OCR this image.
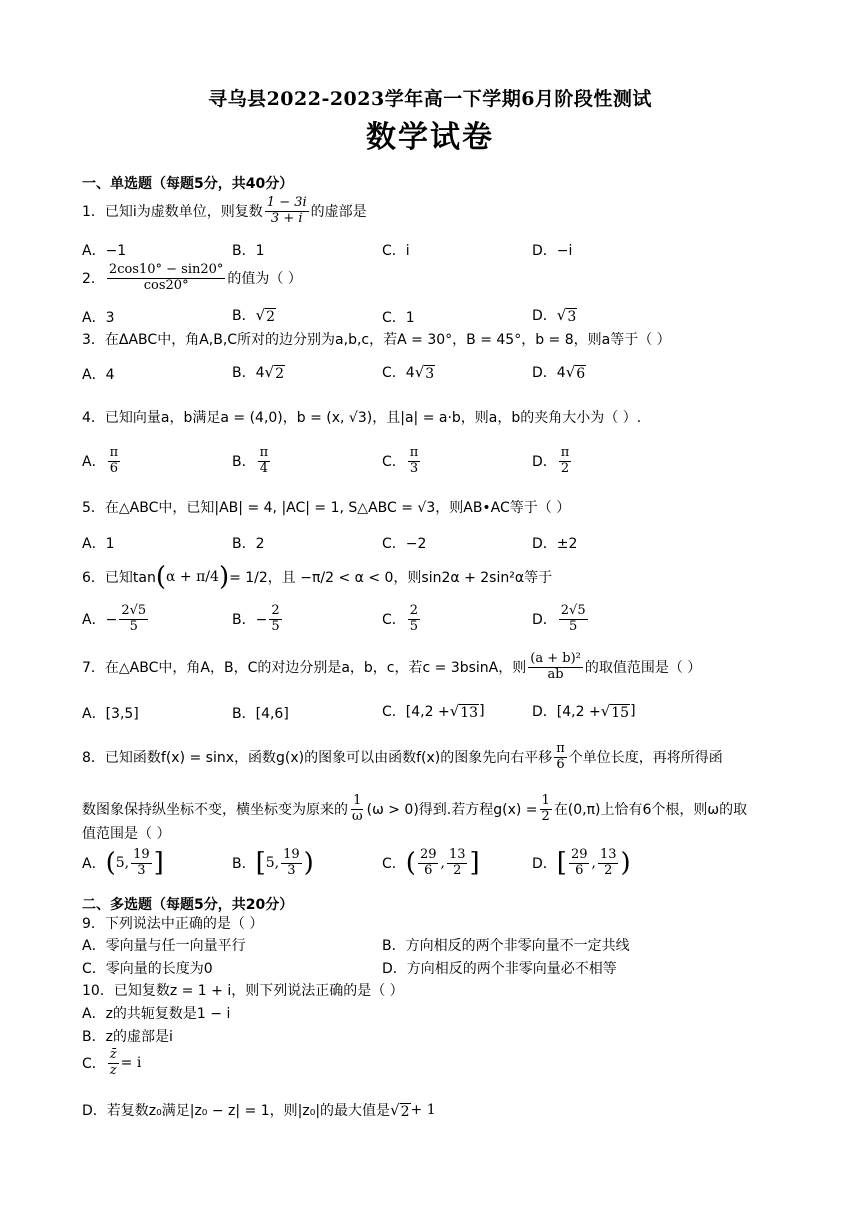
寻乌县2022-2023学年高一下学期6月阶段性测试
数学试卷
一、单选题（每题5分，共40分）
1．已知i为虚数单位，则复数 $\frac{1 - 3i}{3 + i}$ 的虚部是
A．−1	B．1	C．i	D．−i
2． $\frac{2\cos 10^\circ - \sin 20^\circ}{\cos 20^\circ}$ 的值为（ ）
A．3	B． √ 2	C．1	D． √ 3
3．在ΔABC中，角A,B,C所对的边分别为a,b,c，若A = 30°，B = 45°，b = 8，则a等于（ ）
A．4	B．4 √ 2	C．4 √ 3	D．4 √ 6
4．已知向量a，b满足a = (4,0)，b = (x, √3)，且|a| = a·b，则a，b的夹角大小为（ ）.
A． $\frac{\pi}{6}$	B． $\frac{\pi}{4}$	C． $\frac{\pi}{3}$	D． $\frac{\pi}{2}$
5．在△ABC中，已知|AB| = 4, |AC| = 1, S△ABC = √3，则AB•AC等于（ ）
A．1	B．2	C．−2	D．±2
6．已知tan ( α + π/4 ) = 1/2，且 −π/2 < α < 0，则sin2α + 2sin²α等于
A．− $\frac{2√5}{5}$	B．− $\frac{2}{5}$	C． $\frac{2}{5}$	D． $\frac{2√5}{5}$
7．在△ABC中，角A，B，C的对边分别是a，b，c，若c = 3bsinA，则 $\frac{\text{(a + b)²}}{ab}$ 的取值范围是（ ）
A．[3,5]	B．[4,6]	C．[4,2 + √ 13 ]	D．[4,2 + √ 15 ]
8．已知函数f(x) = sinx，函数g(x)的图象可以由函数f(x)的图象先向右平移 $\frac{\pi}{6}$ 个单位长度，再将所得函
数图象保持纵坐标不变，横坐标变为原来的 $\frac{1}{\omega} (\omega > 0)$得到.若方程$g(x) = \frac{1}{2}$ 在(0,π)上恰有6个根，则ω的取
值范围是（ ）
A． ( 5, $\frac{19}{3}$ ]	B． [ 5, $\frac{19}{3}$ )	C． ( $\frac{29}{6}$ , $\frac{13}{2}$ ]	D． [ $\frac{29}{6}$ , $\frac{13}{2}$ )
二、多选题（每题5分，共20分）
9．下列说法中正确的是（ ）
A．零向量与任一向量平行	B．方向相反的两个非零向量不一定共线
C．零向量的长度为0	D．方向相反的两个非零向量必不相等
10．已知复数z = 1 + i，则下列说法正确的是（ ）
A．z的共轭复数是1 − i
B．z的虚部是i
C． $\frac{z̄}{z} = i$
D．若复数z₀满足|z₀ − z| = 1，则|z₀|的最大值是 √ 2 + 1
